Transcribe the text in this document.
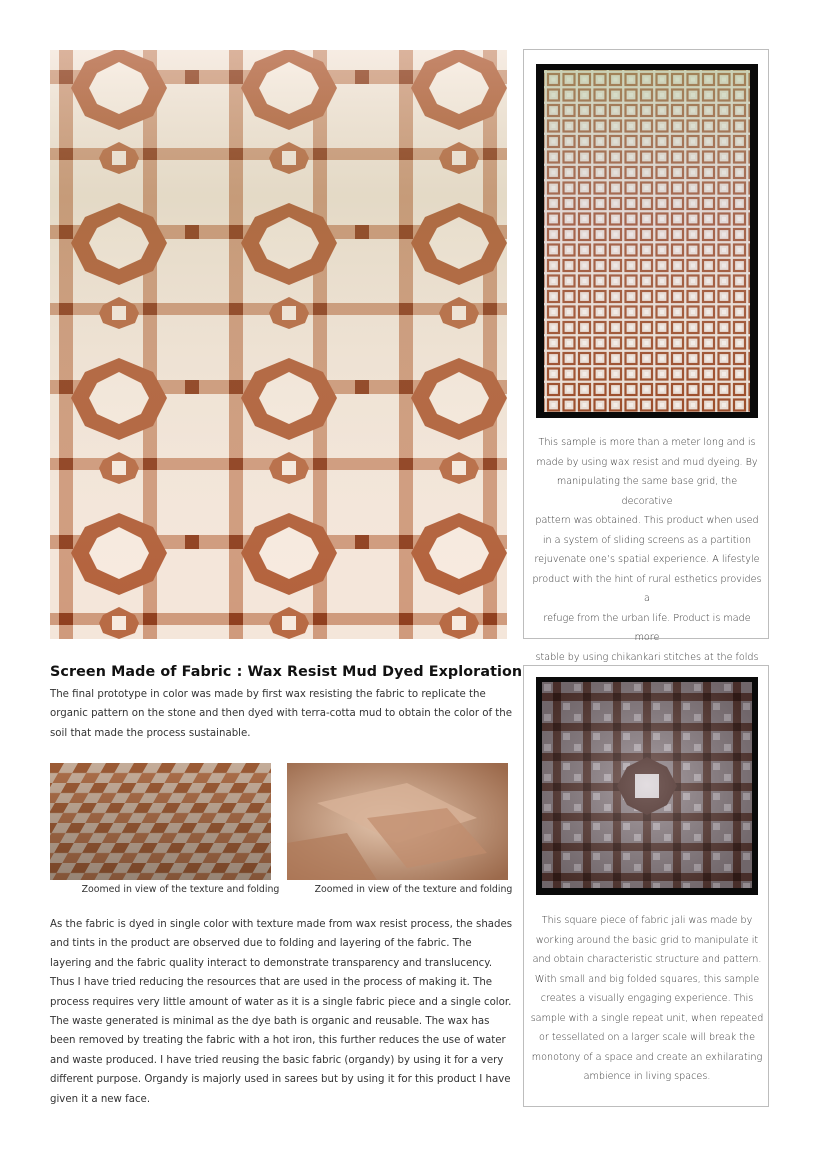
This sample is more than a meter long and is
made by using wax resist and mud dyeing. By
manipulating the same base grid, the decorative
pattern was obtained. This product when used
in a system of sliding screens as a partition
rejuvenate one’s spatial experience. A lifestyle
product with the hint of rural esthetics provides a
refuge from the urban life. Product is made more
stable by using chikankari stitches at the folds
Screen Made of Fabric : Wax Resist Mud Dyed Exploration
The final prototype in color was made by first wax resisting the fabric to replicate the
organic pattern on the stone and then dyed with terra-cotta mud to obtain the color of the
soil that made the process sustainable.
Zoomed in view of the texture and folding	Zoomed in view of the texture and folding
As the fabric is dyed in single color with texture made from wax resist process, the shades
and tints in the product are observed due to folding and layering of the fabric. The
layering and the fabric quality interact to demonstrate transparency and translucency.
Thus I have tried reducing the resources that are used in the process of making it. The
process requires very little amount of water as it is a single fabric piece and a single color.
The waste generated is minimal as the dye bath is organic and reusable. The wax has
been removed by treating the fabric with a hot iron, this further reduces the use of water
and waste produced. I have tried reusing the basic fabric (organdy) by using it for a very
different purpose. Organdy is majorly used in sarees but by using it for this product I have
given it a new face.
This square piece of fabric jali was made by
working around the basic grid to manipulate it
and obtain characteristic structure and pattern.
With small and big folded squares, this sample
creates a visually engaging experience. This
sample with a single repeat unit, when repeated
or tessellated on a larger scale will break the
monotony of a space and create an exhilarating
ambience in living spaces.
